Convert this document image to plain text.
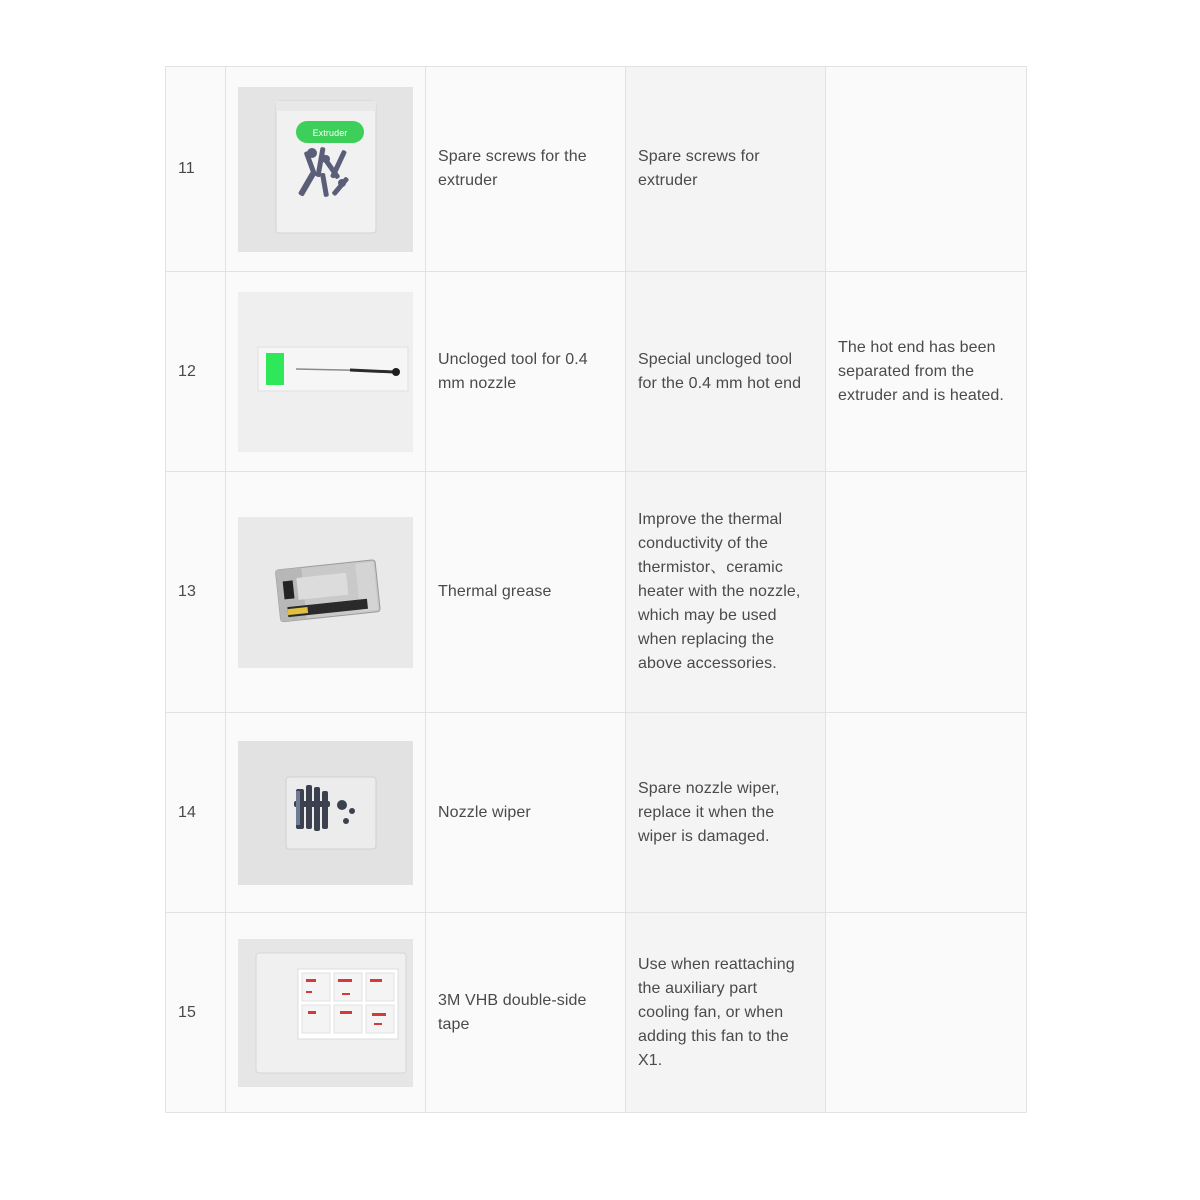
11	Extruder	Spare screws for the extruder	Spare screws for extruder	
12		Uncloged tool for 0.4 mm nozzle	Special uncloged tool for the 0.4 mm hot end	The hot end has been separated from the extruder and is heated.
13		Thermal grease	Improve the thermal conductivity of the thermistor、ceramic heater with the nozzle, which may be used when replacing the above accessories.	
14		Nozzle wiper	Spare nozzle wiper, replace it when the wiper is damaged.	
15		3M VHB double-side tape	Use when reattaching the auxiliary part cooling fan, or when adding this fan to the X1.	
